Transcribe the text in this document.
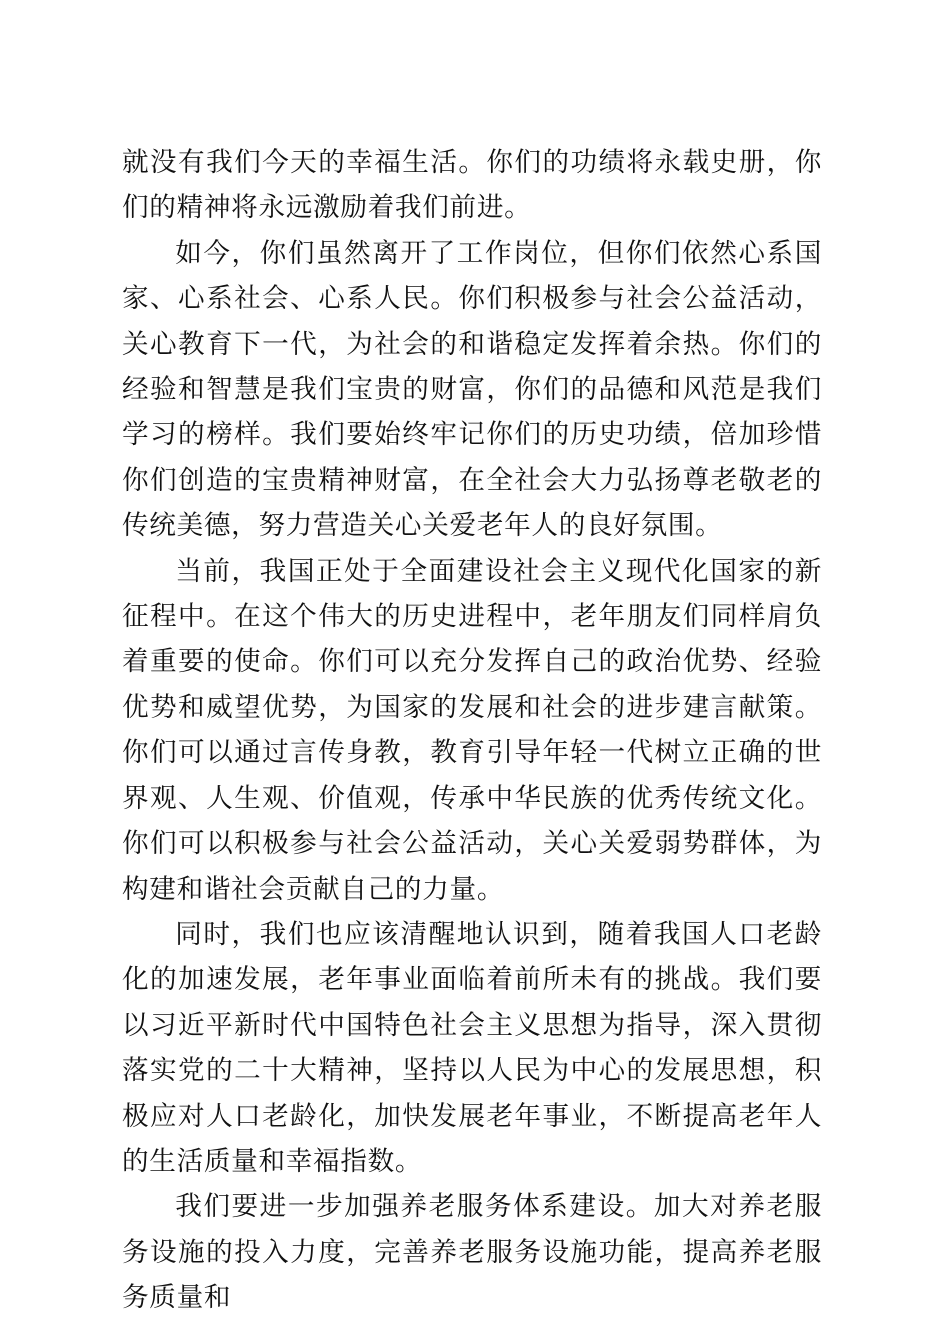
就没有我们今天的幸福生活。你们的功绩将永载史册，你们的精神将永远激励着我们前进。

如今，你们虽然离开了工作岗位，但你们依然心系国家、心系社会、心系人民。你们积极参与社会公益活动，关心教育下一代，为社会的和谐稳定发挥着余热。你们的经验和智慧是我们宝贵的财富，你们的品德和风范是我们学习的榜样。我们要始终牢记你们的历史功绩，倍加珍惜你们创造的宝贵精神财富，在全社会大力弘扬尊老敬老的传统美德，努力营造关心关爱老年人的良好氛围。

当前，我国正处于全面建设社会主义现代化国家的新征程中。在这个伟大的历史进程中，老年朋友们同样肩负着重要的使命。你们可以充分发挥自己的政治优势、经验优势和威望优势，为国家的发展和社会的进步建言献策。你们可以通过言传身教，教育引导年轻一代树立正确的世界观、人生观、价值观，传承中华民族的优秀传统文化。你们可以积极参与社会公益活动，关心关爱弱势群体，为构建和谐社会贡献自己的力量。

同时，我们也应该清醒地认识到，随着我国人口老龄化的加速发展，老年事业面临着前所未有的挑战。我们要以习近平新时代中国特色社会主义思想为指导，深入贯彻落实党的二十大精神，坚持以人民为中心的发展思想，积极应对人口老龄化，加快发展老年事业，不断提高老年人的生活质量和幸福指数。

我们要进一步加强养老服务体系建设。加大对养老服务设施的投入力度，完善养老服务设施功能，提高养老服务质量和
